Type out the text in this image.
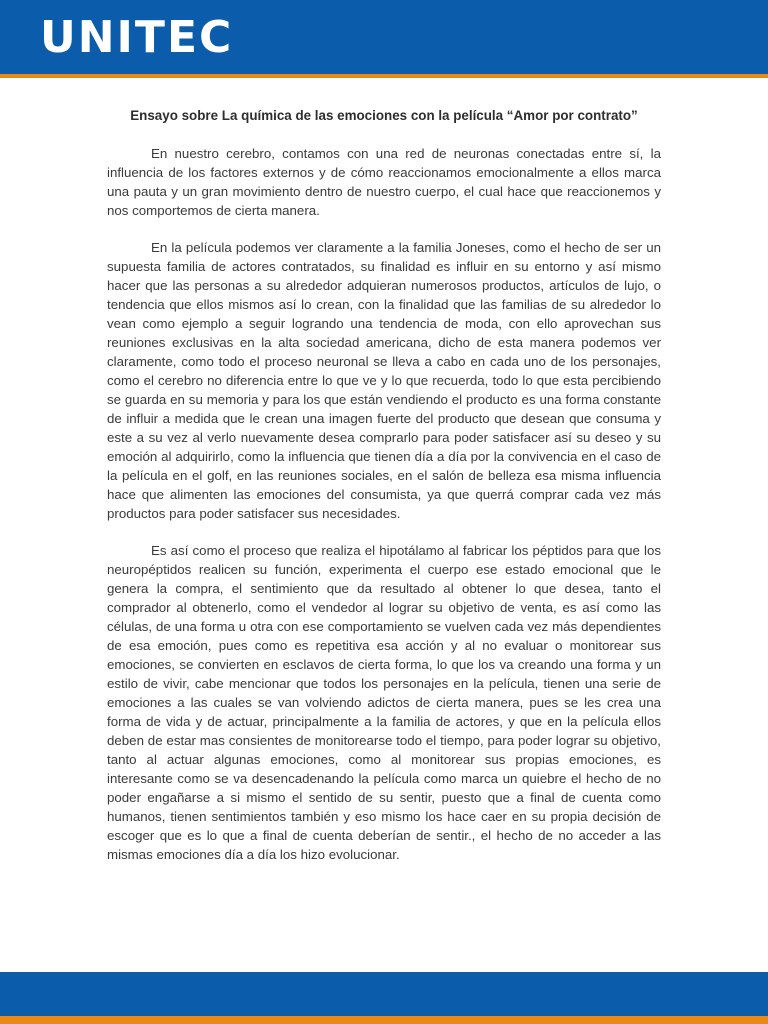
UNITEC
Ensayo sobre La química de las emociones con la película “Amor por contrato”

En nuestro cerebro, contamos con una red de neuronas conectadas entre sí, la influencia de los factores externos y de cómo reaccionamos emocionalmente a ellos marca una pauta y un gran movimiento dentro de nuestro cuerpo, el cual hace que reaccionemos y nos comportemos de cierta manera.

En la película podemos ver claramente a la familia Joneses, como el hecho de ser un supuesta familia de actores contratados, su finalidad es influir en su entorno y así mismo hacer que las personas a su alrededor adquieran numerosos productos, artículos de lujo, o tendencia que ellos mismos así lo crean, con la finalidad que las familias de su alrededor lo vean como ejemplo a seguir logrando una tendencia de moda, con ello aprovechan sus reuniones exclusivas en la alta sociedad americana, dicho de esta manera podemos ver claramente, como todo el proceso neuronal se lleva a cabo en cada uno de los personajes, como el cerebro no diferencia entre lo que ve y lo que recuerda, todo lo que esta percibiendo se guarda en su memoria y para los que están vendiendo el producto es una forma constante de influir a medida que le crean una imagen fuerte del producto que desean que consuma y este a su vez al verlo nuevamente desea comprarlo para poder satisfacer así su deseo y su emoción al adquirirlo, como la influencia que tienen día a día por la convivencia en el caso de la película en el golf, en las reuniones sociales, en el salón de belleza esa misma influencia hace que alimenten las emociones del consumista, ya que querrá comprar cada vez más productos para poder satisfacer sus necesidades.

Es así como el proceso que realiza el hipotálamo al fabricar los péptidos para que los neuropéptidos realicen su función, experimenta el cuerpo ese estado emocional que le genera la compra, el sentimiento que da resultado al obtener lo que desea, tanto el comprador al obtenerlo, como el vendedor al lograr su objetivo de venta, es así como las células, de una forma u otra con ese comportamiento se vuelven cada vez más dependientes de esa emoción, pues como es repetitiva esa acción y al no evaluar o monitorear sus emociones, se convierten en esclavos de cierta forma, lo que los va creando una forma y un estilo de vivir, cabe mencionar que todos los personajes en la película, tienen una serie de emociones a las cuales se van volviendo adictos de cierta manera, pues se les crea una forma de vida y de actuar, principalmente a la familia de actores, y que en la película ellos deben de estar mas consientes de monitorearse todo el tiempo, para poder lograr su objetivo, tanto al actuar algunas emociones, como al monitorear sus propias emociones, es interesante como se va desencadenando la película como marca un quiebre el hecho de no poder engañarse a si mismo el sentido de su sentir, puesto que a final de cuenta como humanos, tienen sentimientos también y eso mismo los hace caer en su propia decisión de escoger que es lo que a final de cuenta deberían de sentir., el hecho de no acceder a las mismas emociones día a día los hizo evolucionar.
